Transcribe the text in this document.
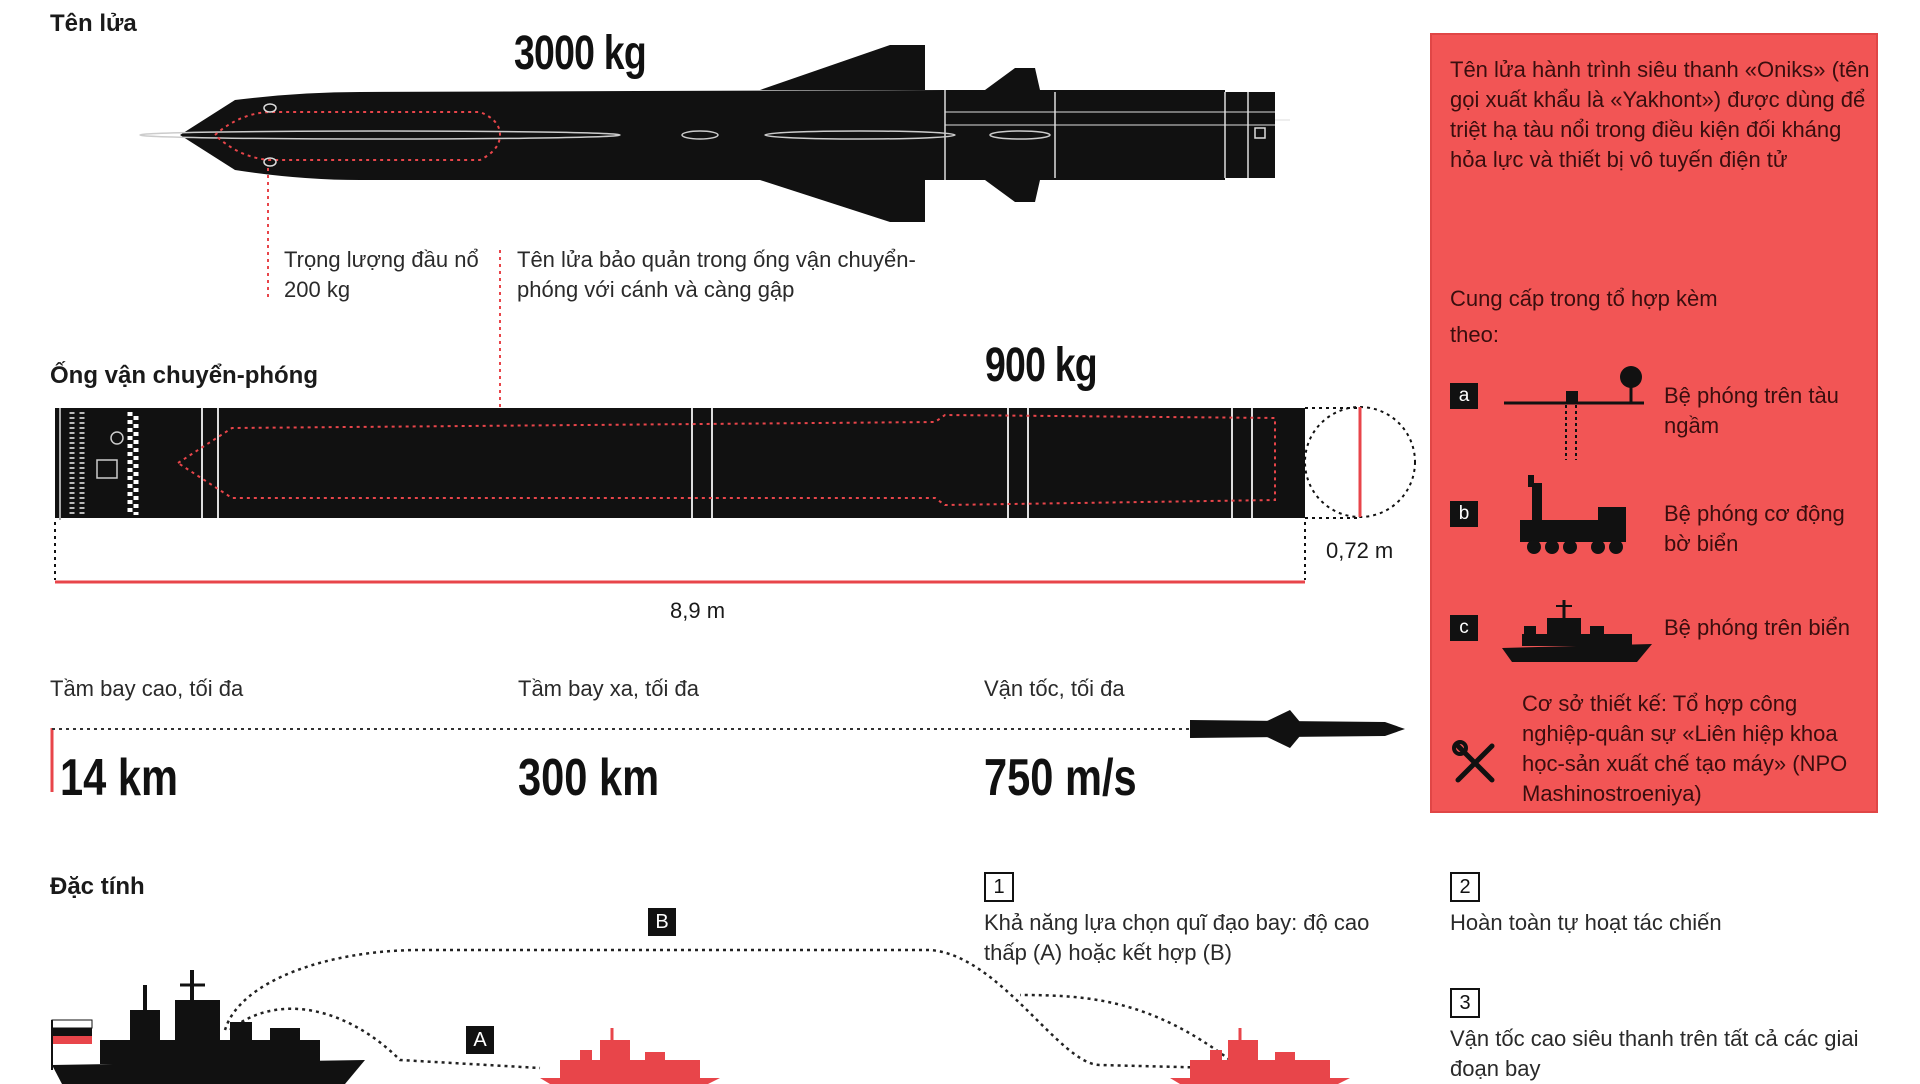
Tên lửa
3000 kg
Trọng lượng đầu nổ 200 kg
Tên lửa bảo quản trong ống vận chuyển-phóng với cánh và càng gập
Ống vận chuyển-phóng	900 kg
0,72 m
8,9 m
Tầm bay cao, tối đa	Tầm bay xa, tối đa	Vận tốc, tối đa
14 km	300 km	750 m/s
Tên lửa hành trình siêu thanh «Oniks» (tên gọi xuất khẩu là «Yakhont») được dùng để triệt hạ tàu nổi trong điều kiện đối kháng hỏa lực và thiết bị vô tuyến điện tử
Cung cấp trong tổ hợp kèm theo:
a	Bệ phóng trên tàu ngầm
b	Bệ phóng cơ động bờ biển
c	Bệ phóng trên biển
Cơ sở thiết kế: Tổ hợp công nghiệp-quân sự «Liên hiệp khoa học-sản xuất chế tạo máy» (NPO Mashinostroeniya)
Đặc tính
B
A
1
Khả năng lựa chọn quĩ đạo bay: độ cao thấp (A) hoặc kết hợp (B)
2
Hoàn toàn tự hoạt tác chiến
3
Vận tốc cao siêu thanh trên tất cả các giai đoạn bay
